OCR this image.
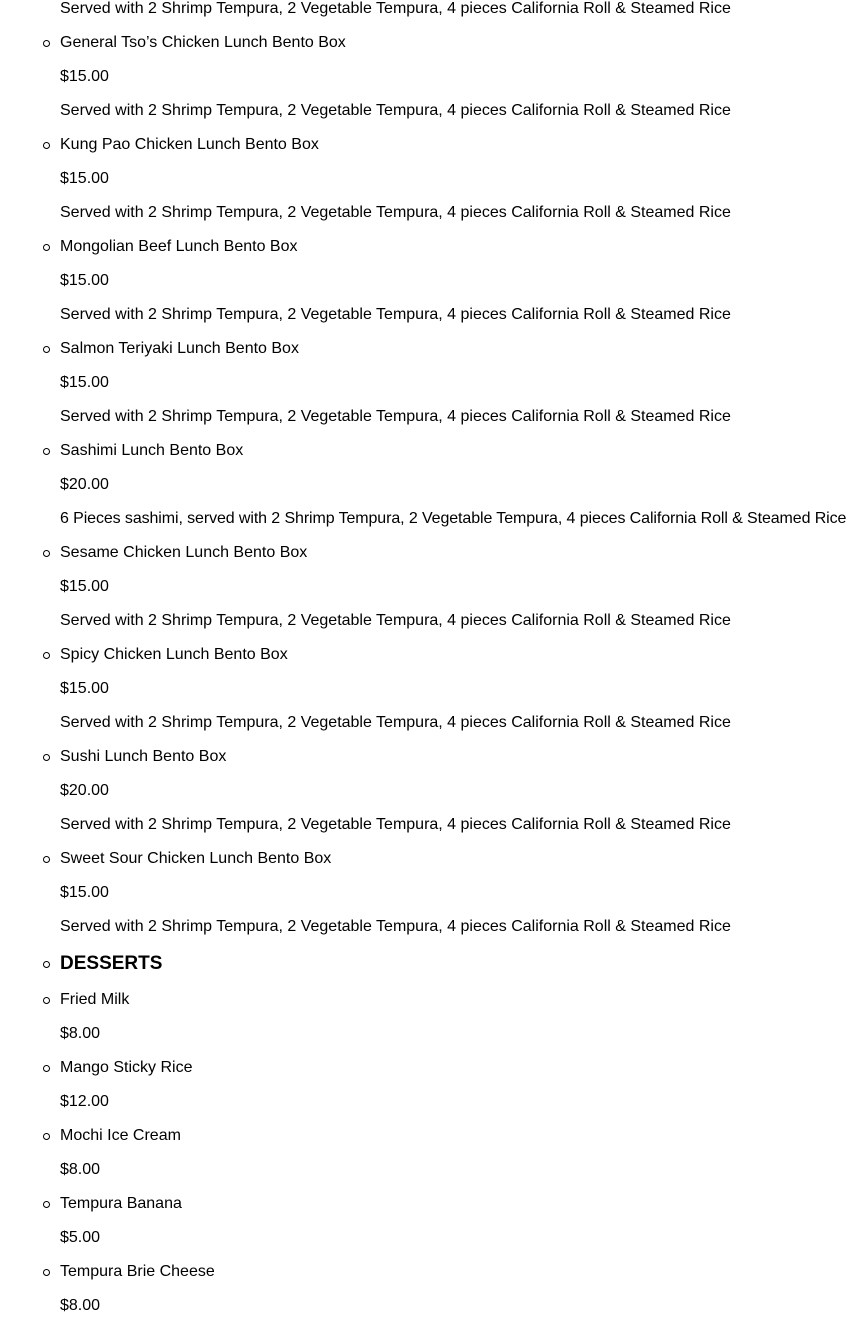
Served with 2 Shrimp Tempura, 2 Vegetable Tempura, 4 pieces California Roll & Steamed Rice
General Tso’s Chicken Lunch Bento Box
$15.00
Served with 2 Shrimp Tempura, 2 Vegetable Tempura, 4 pieces California Roll & Steamed Rice
Kung Pao Chicken Lunch Bento Box
$15.00
Served with 2 Shrimp Tempura, 2 Vegetable Tempura, 4 pieces California Roll & Steamed Rice
Mongolian Beef Lunch Bento Box
$15.00
Served with 2 Shrimp Tempura, 2 Vegetable Tempura, 4 pieces California Roll & Steamed Rice
Salmon Teriyaki Lunch Bento Box
$15.00
Served with 2 Shrimp Tempura, 2 Vegetable Tempura, 4 pieces California Roll & Steamed Rice
Sashimi Lunch Bento Box
$20.00
6 Pieces sashimi, served with 2 Shrimp Tempura, 2 Vegetable Tempura, 4 pieces California Roll & Steamed Rice
Sesame Chicken Lunch Bento Box
$15.00
Served with 2 Shrimp Tempura, 2 Vegetable Tempura, 4 pieces California Roll & Steamed Rice
Spicy Chicken Lunch Bento Box
$15.00
Served with 2 Shrimp Tempura, 2 Vegetable Tempura, 4 pieces California Roll & Steamed Rice
Sushi Lunch Bento Box
$20.00
Served with 2 Shrimp Tempura, 2 Vegetable Tempura, 4 pieces California Roll & Steamed Rice
Sweet Sour Chicken Lunch Bento Box
$15.00
Served with 2 Shrimp Tempura, 2 Vegetable Tempura, 4 pieces California Roll & Steamed Rice
DESSERTS
Fried Milk
$8.00
Mango Sticky Rice
$12.00
Mochi Ice Cream
$8.00
Tempura Banana
$5.00
Tempura Brie Cheese
$8.00
